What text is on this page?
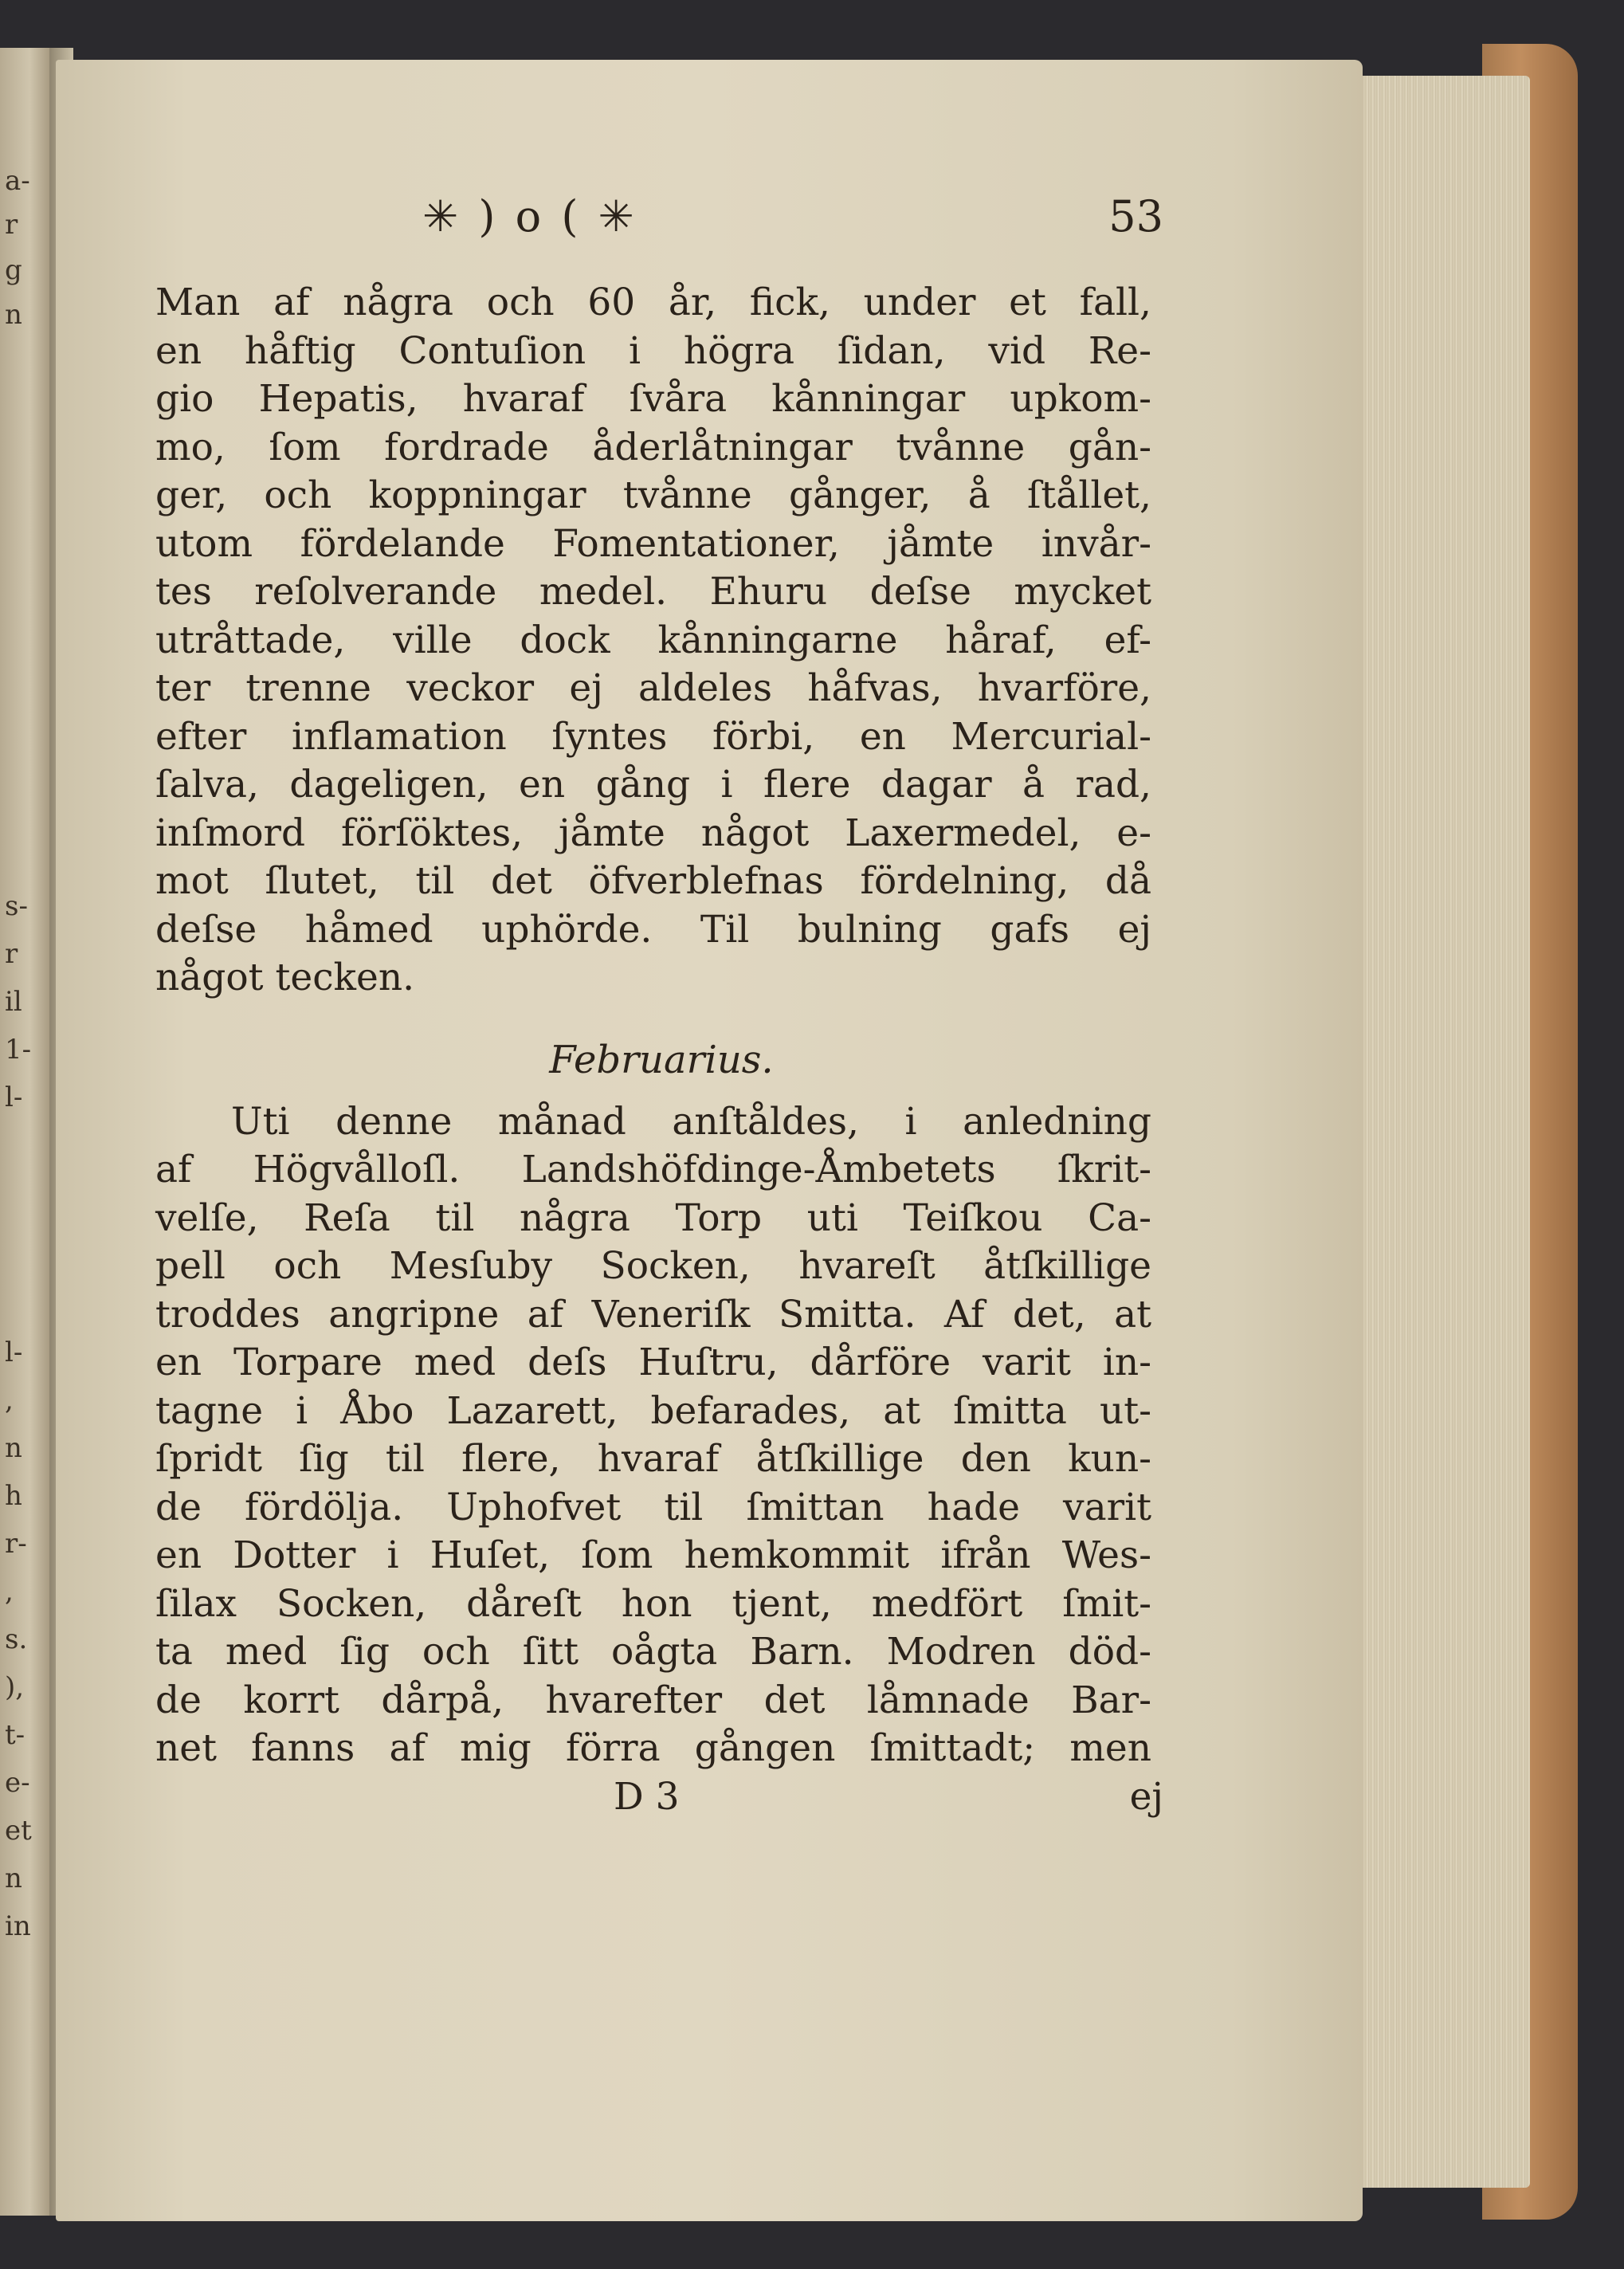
a-
r
g
n
s-
r
il
1-
l-
l-
,
n
h
r-
,
s.
),
t-
e-
et
n
in
✳ ) o ( ✳	53
Man af några och 60 år, fick, under et fall,
en håftig Contuſion i högra ſidan, vid Re-
gio Hepatis, hvaraf ſvåra kånningar upkom-
mo, ſom fordrade åderlåtningar tvånne gån-
ger, och koppningar tvånne gånger, å ſtållet,
utom fördelande Fomentationer, jåmte invår-
tes reſolverande medel. Ehuru deſse mycket
utråttade, ville dock kånningarne håraf, ef-
ter trenne veckor ej aldeles håfvas, hvarföre,
efter inflamation ſyntes förbi, en Mercurial-
ſalva, dageligen, en gång i flere dagar å rad,
inſmord förſöktes, jåmte något Laxermedel, e-
mot ſlutet, til det öfverblefnas fördelning, då
deſse håmed uphörde. Til bulning gafs ej
något tecken.
Februarius.
Uti denne månad anſtåldes, i anledning
af Högvålloſl. Landshöfdinge-Åmbetets ſkrit-
velſe, Reſa til några Torp uti Teiſkou Ca-
pell och Mesſuby Socken, hvareſt åtſkillige
troddes angripne af Veneriſk Smitta. Af det, at
en Torpare med deſs Huſtru, dårföre varit in-
tagne i Åbo Lazarett, befarades, at ſmitta ut-
ſpridt ſig til flere, hvaraf åtſkillige den kun-
de fördölja. Uphofvet til ſmittan hade varit
en Dotter i Huſet, ſom hemkommit ifrån Wes-
ſilax Socken, dåreſt hon tjent, medfört ſmit-
ta med ſig och ſitt oågta Barn. Modren död-
de korrt dårpå, hvarefter det låmnade Bar-
net fanns af mig förra gången ſmittadt; men
D 3	ej
